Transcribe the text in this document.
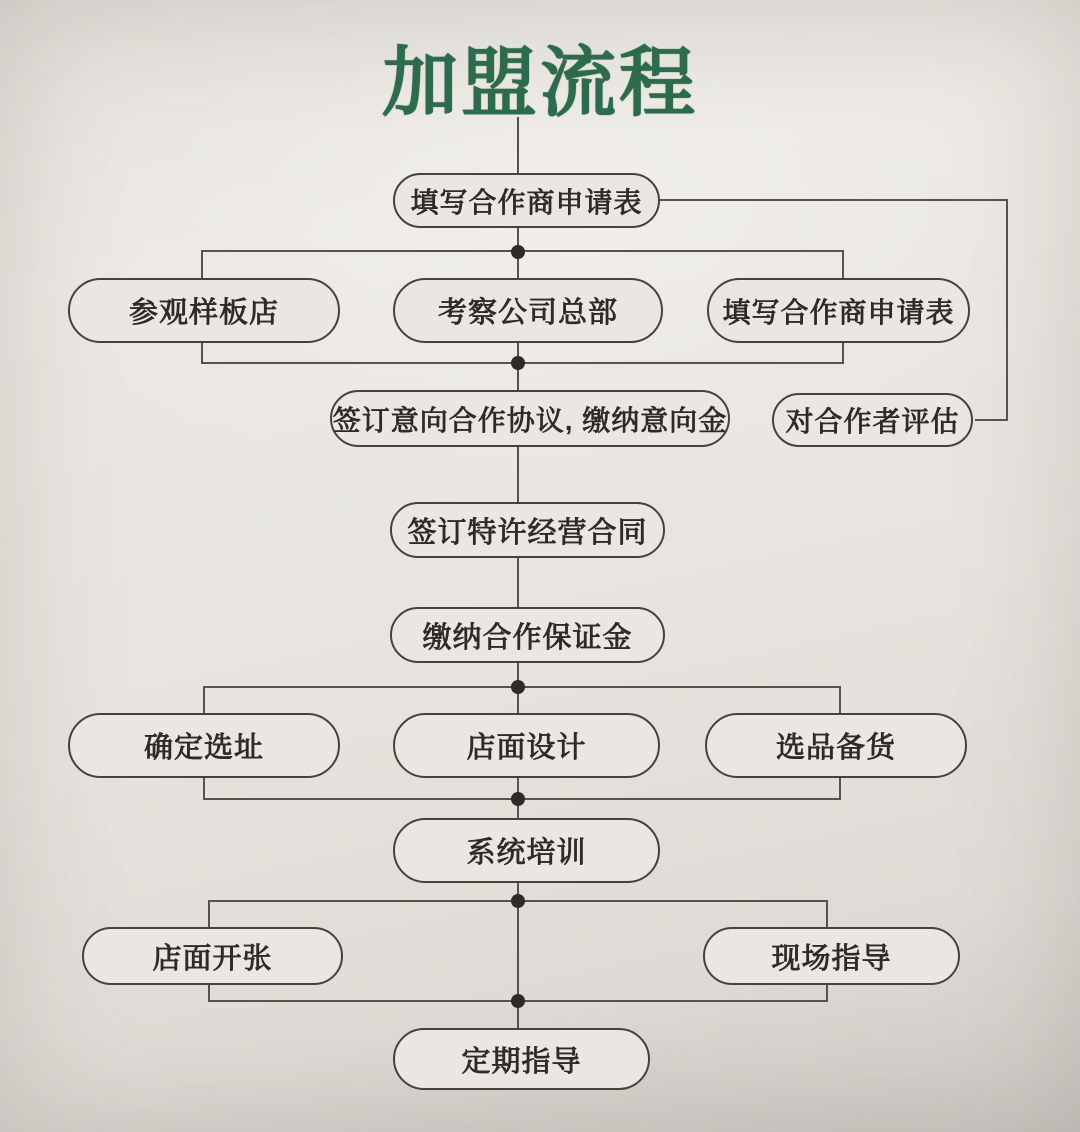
加盟流程
填写合作商申请表
参观样板店	考察公司总部	填写合作商申请表
签订意向合作协议, 缴纳意向金 对合作者评估
签订特许经营合同
缴纳合作保证金
确定选址	店面设计	选品备货
系统培训
店面开张	现场指导
定期指导
